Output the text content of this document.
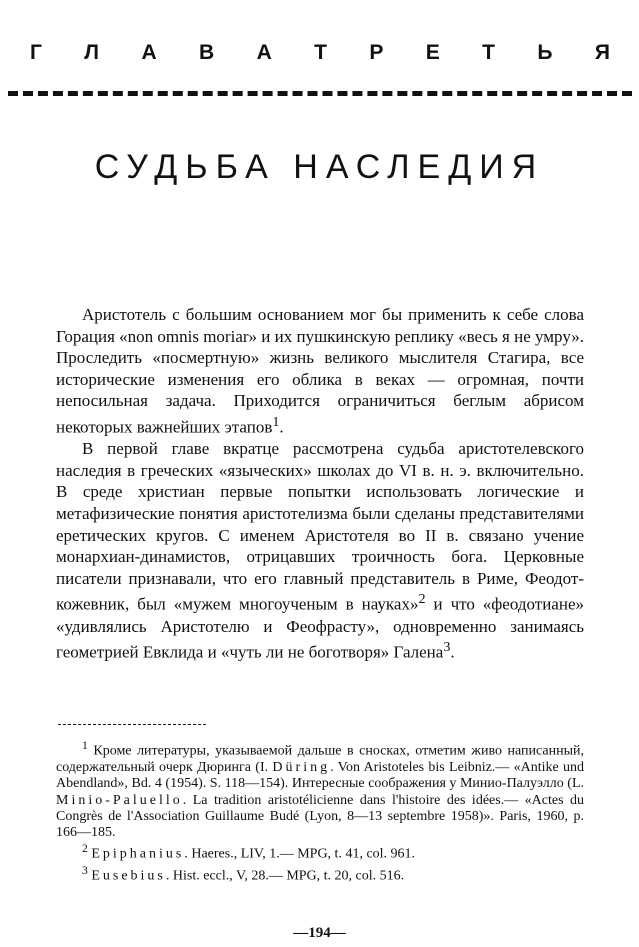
Г Л А В А Т Р Е Т Ь Я
СУДЬБА НАСЛЕДИЯ

Аристотель с большим основанием мог бы применить к себе слова Горация «non omnis moriar» и их пушкинскую реплику «весь я не умру». Проследить «посмертную» жизнь великого мыслителя Стагира, все исторические изменения его облика в веках — огромная, почти непосильная задача. Приходится ограничиться беглым абрисом некоторых важнейших этапов$^1$.

В первой главе вкратце рассмотрена судьба аристотелевского наследия в греческих «языческих» школах до VI в. н. э. включительно. В среде христиан первые попытки использовать логические и метафизические понятия аристотелизма были сделаны представителями еретических кругов. С именем Аристотеля во II в. связано учение монархиан-динамистов, отрицавших троичность бога. Церковные писатели признавали, что его главный представитель в Риме, Феодот-кожевник, был «мужем многоученым в науках»$^2$ и что «феодотиане» «удивлялись Аристотелю и Феофрасту», одновременно занимаясь геометрией Евклида и «чуть ли не боготворя» Галена$^3$.

$^1$ Кроме литературы, указываемой дальше в сносках, отметим живо написанный, содержательный очерк Дюринга (I. Düring. Von Aristoteles bis Leibniz.— «Antike und Abendland», Bd. 4 (1954). S. 118—154). Интересные соображения у Минио-Палуэлло (L. Minio-Paluello. La tradition aristotélicienne dans l'histoire des idées.— «Actes du Congrès de l'Association Guillaume Budé (Lyon, 8—13 septembre 1958)». Paris, 1960, p. 166—185.

$^2$ Epiphanius. Haeres., LIV, 1.— MPG, t. 41, col. 961.

$^3$ Eusebius. Hist. eccl., V, 28.— MPG, t. 20, col. 516.

—194—
